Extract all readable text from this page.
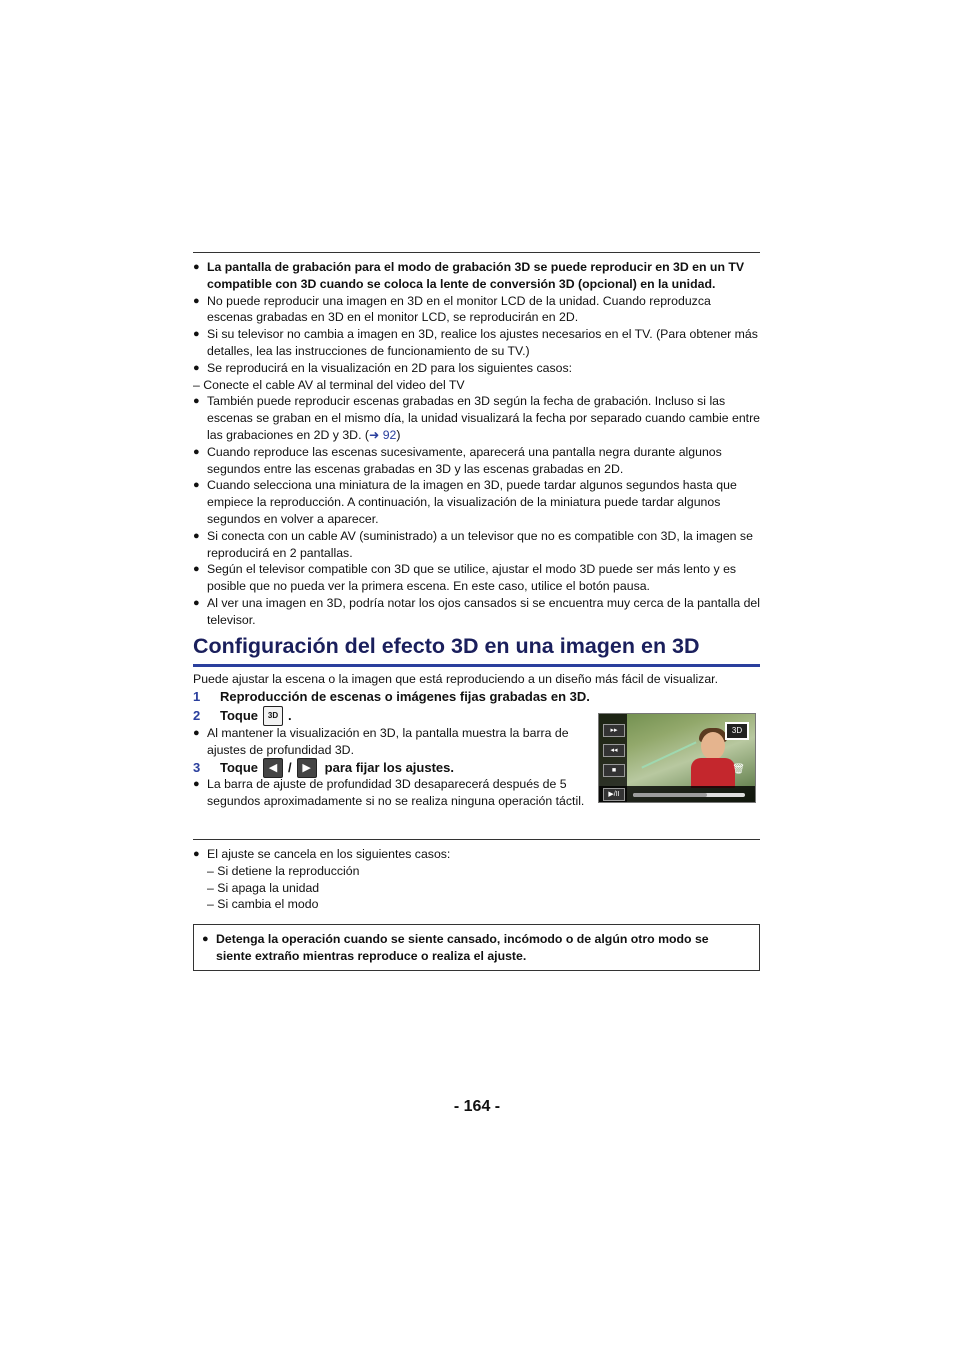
● La pantalla de grabación para el modo de grabación 3D se puede reproducir en 3D en un TV compatible con 3D cuando se coloca la lente de conversión 3D (opcional) en la unidad.
● No puede reproducir una imagen en 3D en el monitor LCD de la unidad. Cuando reproduzca escenas grabadas en 3D en el monitor LCD, se reproducirán en 2D.
● Si su televisor no cambia a imagen en 3D, realice los ajustes necesarios en el TV. (Para obtener más detalles, lea las instrucciones de funcionamiento de su TV.)
● Se reproducirá en la visualización en 2D para los siguientes casos:
– Conecte el cable AV al terminal del video del TV
● También puede reproducir escenas grabadas en 3D según la fecha de grabación. Incluso si las escenas se graban en el mismo día, la unidad visualizará la fecha por separado cuando cambie entre las grabaciones en 2D y 3D. (➜ 92)
● Cuando reproduce las escenas sucesivamente, aparecerá una pantalla negra durante algunos segundos entre las escenas grabadas en 3D y las escenas grabadas en 2D.
● Cuando selecciona una miniatura de la imagen en 3D, puede tardar algunos segundos hasta que empiece la reproducción. A continuación, la visualización de la miniatura puede tardar algunos segundos en volver a aparecer.
● Si conecta con un cable AV (suministrado) a un televisor que no es compatible con 3D, la imagen se reproducirá en 2 pantallas.
● Según el televisor compatible con 3D que se utilice, ajustar el modo 3D puede ser más lento y es posible que no pueda ver la primera escena. En este caso, utilice el botón pausa.
● Al ver una imagen en 3D, podría notar los ojos cansados si se encuentra muy cerca de la pantalla del televisor.
Configuración del efecto 3D en una imagen en 3D

Puede ajustar la escena o la imagen que está reproduciendo a un diseño más fácil de visualizar.

1	Reproducción de escenas o imágenes fijas grabadas en 3D.
2	Toque	3D .
● Al mantener la visualización en 3D, la pantalla muestra la barra de ajustes de profundidad 3D.
3	Toque ◀ / ▶	para fijar los ajustes.
● La barra de ajuste de profundidad 3D desaparecerá después de 5 segundos aproximadamente si no se realiza ninguna operación táctil.
▸▸
◂◂
■
▶/II
3D
🗑
● El ajuste se cancela en los siguientes casos:
– Si detiene la reproducción
– Si apaga la unidad
– Si cambia el modo
● Detenga la operación cuando se siente cansado, incómodo o de algún otro modo se siente extraño mientras reproduce o realiza el ajuste.
- 164 -
